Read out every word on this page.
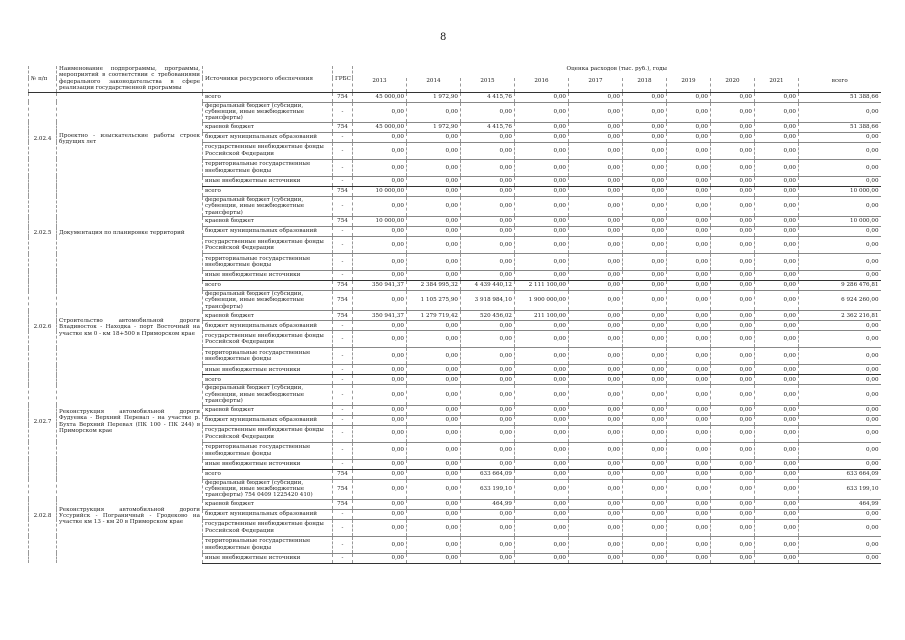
8
№ п/п	Наименование подпрограммы, программы, мероприятий в соответствии с требованиями федерального законодательства в сфере реализации государственной программы	Источники ресурсного обеспечения	ГРБС	Оценка расходов (тыс. руб.), годы									
				2013	2014	2015	2016	2017	2018	2019	2020	2021	всего
2.02.4	Проектно - изыскательские работы строек будущих лет	всего	754	45 000,00	1 972,90	4 415,76	0,00	0,00	0,00	0,00	0,00	0,00	51 388,66
		федеральный бюджет (субсидии, субвенции, иные межбюджетные трансферты)	-	0,00	0,00	0,00	0,00	0,00	0,00	0,00	0,00	0,00	0,00
		краевой бюджет	754	45 000,00	1 972,90	4 415,76	0,00	0,00	0,00	0,00	0,00	0,00	51 388,66
		бюджет муниципальных образований	-	0,00	0,00	0,00	0,00	0,00	0,00	0,00	0,00	0,00	0,00
		государственные внебюджетные фонды Российской Федерации	-	0,00	0,00	0,00	0,00	0,00	0,00	0,00	0,00	0,00	0,00
		территориальные государственные внебюджетные фонды	-	0,00	0,00	0,00	0,00	0,00	0,00	0,00	0,00	0,00	0,00
		иные внебюджетные источники	-	0,00	0,00	0,00	0,00	0,00	0,00	0,00	0,00	0,00	0,00
2.02.5	Документация по планировке территорий	всего	754	10 000,00	0,00	0,00	0,00	0,00	0,00	0,00	0,00	0,00	10 000,00
		федеральный бюджет (субсидии, субвенции, иные межбюджетные трансферты)	-	0,00	0,00	0,00	0,00	0,00	0,00	0,00	0,00	0,00	0,00
		краевой бюджет	754	10 000,00	0,00	0,00	0,00	0,00	0,00	0,00	0,00	0,00	10 000,00
		бюджет муниципальных образований	-	0,00	0,00	0,00	0,00	0,00	0,00	0,00	0,00	0,00	0,00
		государственные внебюджетные фонды Российской Федерации	-	0,00	0,00	0,00	0,00	0,00	0,00	0,00	0,00	0,00	0,00
		территориальные государственные внебюджетные фонды	-	0,00	0,00	0,00	0,00	0,00	0,00	0,00	0,00	0,00	0,00
		иные внебюджетные источники	-	0,00	0,00	0,00	0,00	0,00	0,00	0,00	0,00	0,00	0,00
2.02.6	Строительство автомобильной дороги Владивосток - Находка - порт Восточный на участке км 0 - км 18+500 в Приморском крае	всего	754	350 941,37	2 384 995,32	4 439 440,12	2 111 100,00	0,00	0,00	0,00	0,00	0,00	9 286 476,81
		федеральный бюджет (субсидии, субвенции, иные межбюджетные трансферты)	754	0,00	1 105 275,90	3 918 984,10	1 900 000,00	0,00	0,00	0,00	0,00	0,00	6 924 260,00
		краевой бюджет	754	350 941,37	1 279 719,42	520 456,02	211 100,00	0,00	0,00	0,00	0,00	0,00	2 362 216,81
		бюджет муниципальных образований	-	0,00	0,00	0,00	0,00	0,00	0,00	0,00	0,00	0,00	0,00
		государственные внебюджетные фонды Российской Федерации	-	0,00	0,00	0,00	0,00	0,00	0,00	0,00	0,00	0,00	0,00
		территориальные государственные внебюджетные фонды	-	0,00	0,00	0,00	0,00	0,00	0,00	0,00	0,00	0,00	0,00
		иные внебюджетные источники	-	0,00	0,00	0,00	0,00	0,00	0,00	0,00	0,00	0,00	0,00
2.02.7	Реконструкция автомобильной дороги Фудуевка - Верхний Перевал - на участке р. Бухта Верхний Перевал (ПК 100 - ПК 244) в Приморском крае	всего	-	0,00	0,00	0,00	0,00	0,00	0,00	0,00	0,00	0,00	0,00
		федеральный бюджет (субсидии, субвенции, иные межбюджетные трансферты)	-	0,00	0,00	0,00	0,00	0,00	0,00	0,00	0,00	0,00	0,00
		краевой бюджет	-	0,00	0,00	0,00	0,00	0,00	0,00	0,00	0,00	0,00	0,00
		бюджет муниципальных образований	-	0,00	0,00	0,00	0,00	0,00	0,00	0,00	0,00	0,00	0,00
		государственные внебюджетные фонды Российской Федерации	-	0,00	0,00	0,00	0,00	0,00	0,00	0,00	0,00	0,00	0,00
		территориальные государственные внебюджетные фонды	-	0,00	0,00	0,00	0,00	0,00	0,00	0,00	0,00	0,00	0,00
		иные внебюджетные источники	-	0,00	0,00	0,00	0,00	0,00	0,00	0,00	0,00	0,00	0,00
2.02.8	Реконструкция автомобильной дороги Уссурийск - Пограничный - Гродеково на участке км 13 - км 20 в Приморском крае	всего	754	0,00	0,00	633 664,09	0,00	0,00	0,00	0,00	0,00	0,00	633 664,09
		федеральный бюджет (субсидии, субвенции, иные межбюджетные трансферты) 754 0409 1225420 410)	754	0,00	0,00	633 199,10	0,00	0,00	0,00	0,00	0,00	0,00	633 199,10
		краевой бюджет	754	0,00	0,00	464,99	0,00	0,00	0,00	0,00	0,00	0,00	464,99
		бюджет муниципальных образований	-	0,00	0,00	0,00	0,00	0,00	0,00	0,00	0,00	0,00	0,00
		государственные внебюджетные фонды Российской Федерации	-	0,00	0,00	0,00	0,00	0,00	0,00	0,00	0,00	0,00	0,00
		территориальные государственные внебюджетные фонды	-	0,00	0,00	0,00	0,00	0,00	0,00	0,00	0,00	0,00	0,00
		иные внебюджетные источники	-	0,00	0,00	0,00	0,00	0,00	0,00	0,00	0,00	0,00	0,00
